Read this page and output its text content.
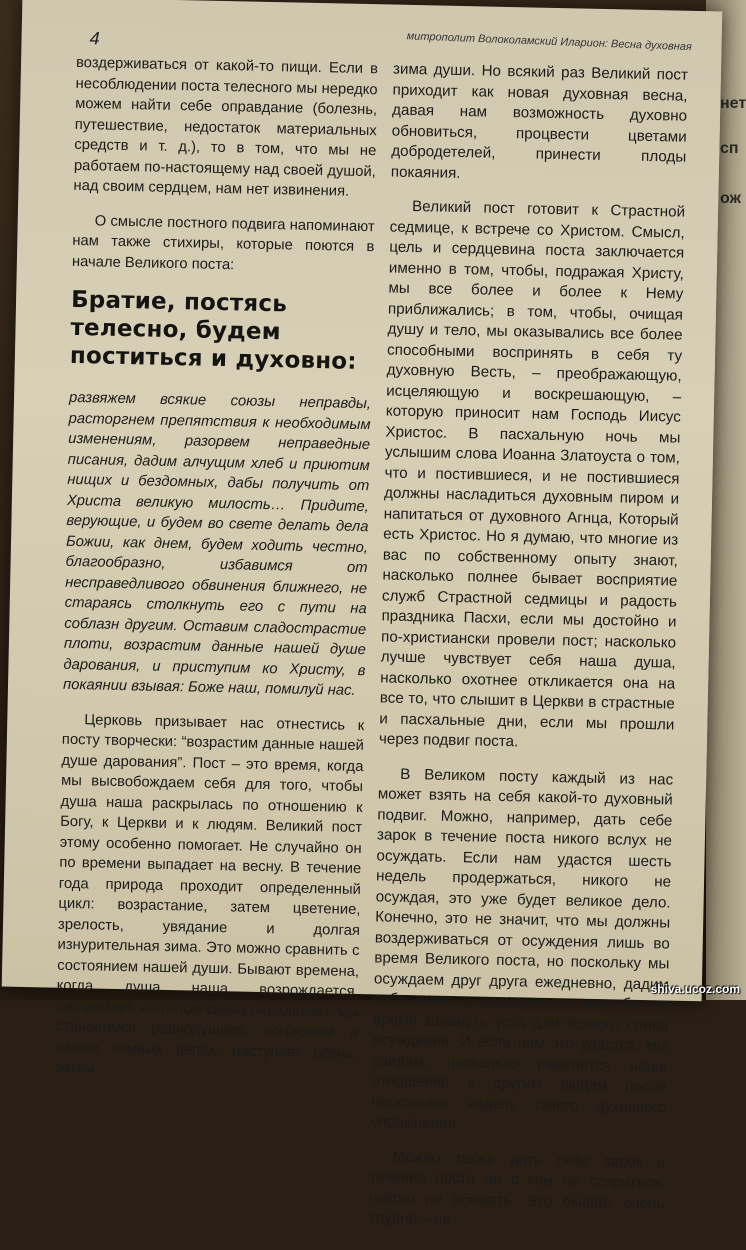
нет
сп
ож
4	митрополит Волоколамский Иларион: Весна духовная

воздерживаться от какой-то пищи. Если в несоблюдении поста телесного мы нередко можем найти себе оправдание (болезнь, путешествие, недостаток материальных средств и т. д.), то в том, что мы не работаем по-настоящему над своей душой, над своим сердцем, нам нет извинения.

О смысле постного подвига напоминают нам также стихиры, которые поются в начале Великого поста:

Братие, постясь телесно, будем поститься и духовно:

развяжем всякие союзы неправды, расторгнем препятствия к необходимым изменениям, разорвем неправедные писания, дадим алчущим хлеб и приютим нищих и бездомных, дабы получить от Христа великую милость… Придите, верующие, и будем во свете делать дела Божии, как днем, будем ходить честно, благообразно, избавимся от несправедливого обвинения ближнего, не стараясь столкнуть его с пути на соблазн другим. Оставим сладострастие плоти, возрастим данные нашей душе дарования, и приступим ко Христу, в покаянии взывая: Боже наш, помилуй нас.

Церковь призывает нас отнестись к посту творчески: “возрастим данные нашей душе дарования”. Пост – это время, когда мы высвобождаем себя для того, чтобы душа наша раскрылась по отношению к Богу, к Церкви и к людям. Великий пост этому особенно помогает. Не случайно он по времени выпадает на весну. В течение года природа проходит определенный цикл: возрастание, затем цветение, зрелость, увядание и долгая изнурительная зима. Это можно сравнить с состоянием нашей души. Бывают времена, когда душа наша возрождается, расцветает, но потом снова охладевает, мы становимся равнодушнее, погрязаем в наших земных делах: наступает осень, затем

зима души. Но всякий раз Великий пост приходит как новая духовная весна, давая нам возможность духовно обновиться, процвести цветами добродетелей, принести плоды покаяния.

Великий пост готовит к Страстной седмице, к встрече со Христом. Смысл, цель и сердцевина поста заключается именно в том, чтобы, подражая Христу, мы все более и более к Нему приближались; в том, чтобы, очищая душу и тело, мы оказывались все более способными воспринять в себя ту духовную Весть, – преображающую, исцеляющую и воскрешающую, – которую приносит нам Господь Иисус Христос. В пасхальную ночь мы услышим слова Иоанна Златоуста о том, что и постившиеся, и не постившиеся должны насладиться духовным пиром и напитаться от духовного Агнца, Который есть Христос. Но я думаю, что многие из вас по собственному опыту знают, насколько полнее бывает восприятие служб Страстной седмицы и радость праздника Пасхи, если мы достойно и по-христиански провели пост; насколько лучше чувствует себя наша душа, насколько охотнее откликается она на все то, что слышит в Церкви в страстные и пасхальные дни, если мы прошли через подвиг поста.

В Великом посту каждый из нас может взять на себя какой-то духовный подвиг. Можно, например, дать себе зарок в течение поста никого вслух не осуждать. Если нам удастся шесть недель продержаться, никого не осуждая, это уже будет великое дело. Конечно, это не значит, что мы должны воздерживаться от осуждения лишь во время Великого поста, но поскольку мы осуждаем друг друга ежедневно, дадим себе шанс и возможность хотя бы на время замкнуть уста для всякого слова осуждения. И если нам это удастся, мы увидим, насколько изменится наше отношение к другим людям после нескольких недель такого духовного упражнения.

Можно также дать себе зарок в течение поста ни с кем не ссориться, никого не обижать. Это бывает очень трудно – не

shiva.ucoz.com
